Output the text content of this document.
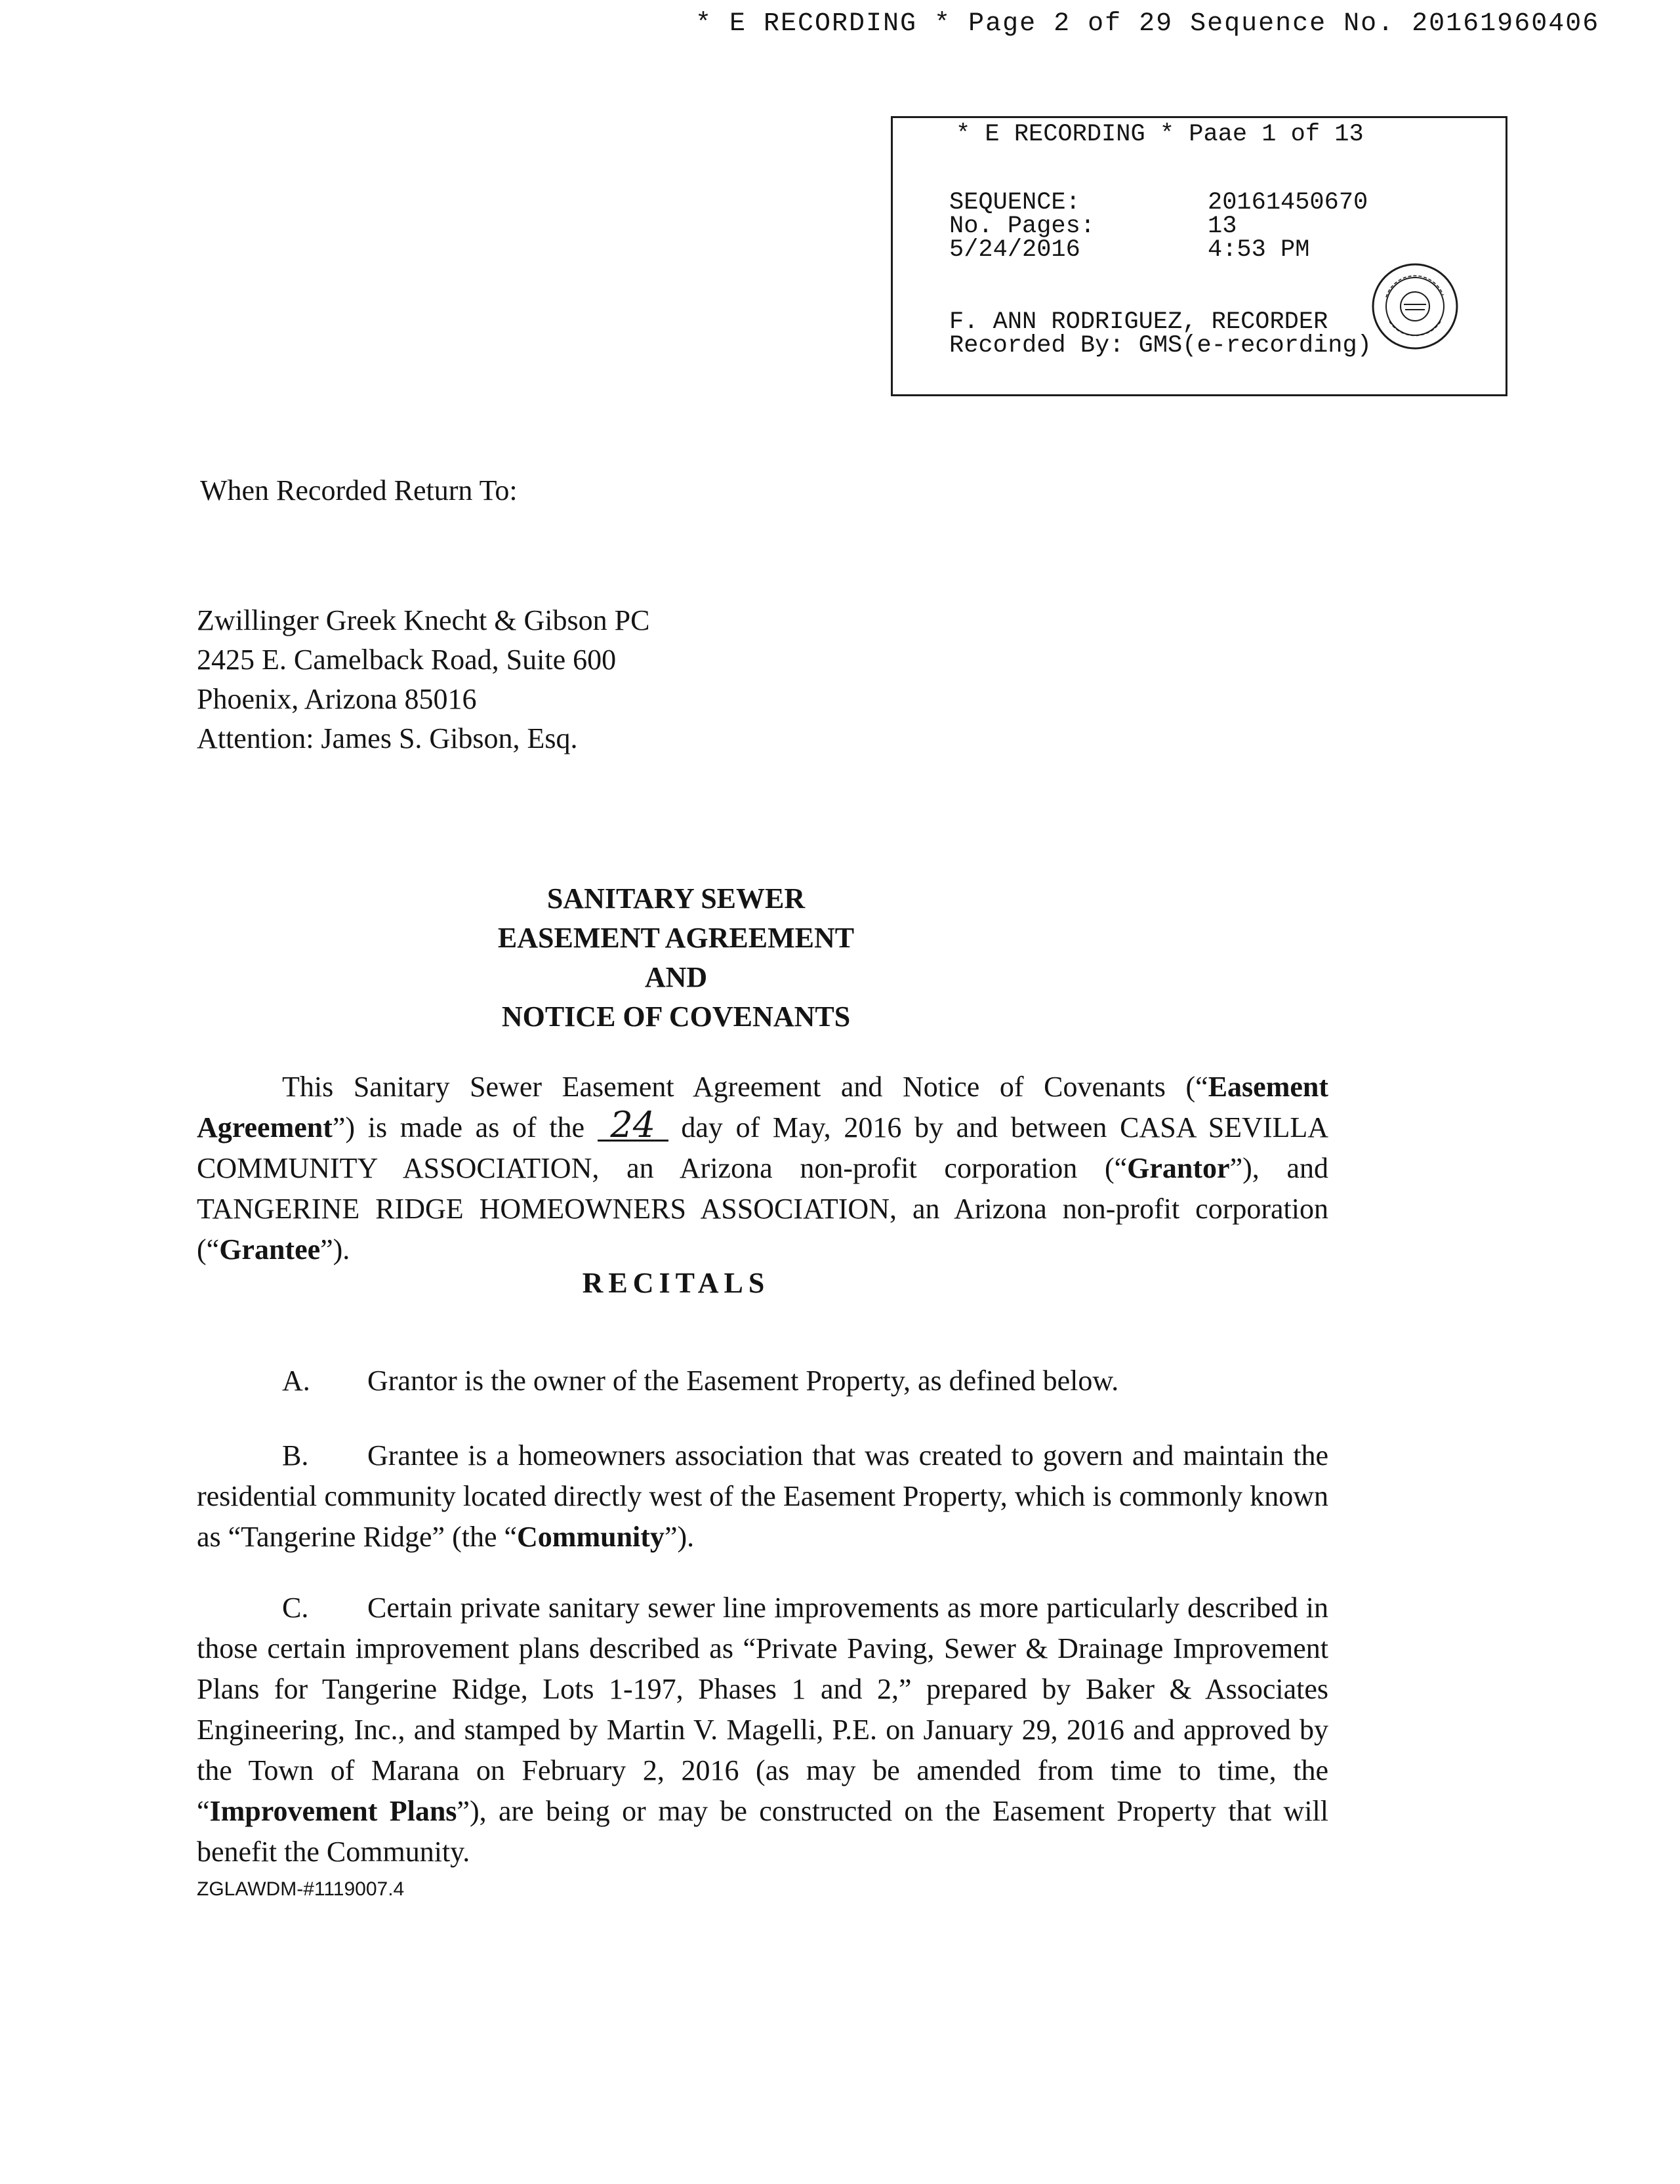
* E RECORDING * Page 2 of 29 Sequence No. 20161960406
* E RECORDING * Paae 1 of 13
SEQUENCE:	20161450670
No. Pages:	13
5/24/2016	4:53 PM
F. ANN RODRIGUEZ, RECORDER
Recorded By: GMS(e-recording)
When Recorded Return To:
Zwillinger Greek Knecht & Gibson PC
2425 E. Camelback Road, Suite 600
Phoenix, Arizona 85016
Attention: James S. Gibson, Esq.
SANITARY SEWER
EASEMENT AGREEMENT
AND
NOTICE OF COVENANTS
This Sanitary Sewer Easement Agreement and Notice of Covenants (“Easement Agreement”) is made as of the 24 day of May, 2016 by and between CASA SEVILLA COMMUNITY ASSOCIATION, an Arizona non-profit corporation (“Grantor”), and TANGERINE RIDGE HOMEOWNERS ASSOCIATION, an Arizona non-profit corporation (“Grantee”).
RECITALS
A. Grantor is the owner of the Easement Property, as defined below.
B. Grantee is a homeowners association that was created to govern and maintain the residential community located directly west of the Easement Property, which is commonly known as “Tangerine Ridge” (the “Community”).
C. Certain private sanitary sewer line improvements as more particularly described in those certain improvement plans described as “Private Paving, Sewer & Drainage Improvement Plans for Tangerine Ridge, Lots 1-197, Phases 1 and 2,” prepared by Baker & Associates Engineering, Inc., and stamped by Martin V. Magelli, P.E. on January 29, 2016 and approved by the Town of Marana on February 2, 2016 (as may be amended from time to time, the “Improvement Plans”), are being or may be constructed on the Easement Property that will benefit the Community.
ZGLAWDM-#1119007.4
